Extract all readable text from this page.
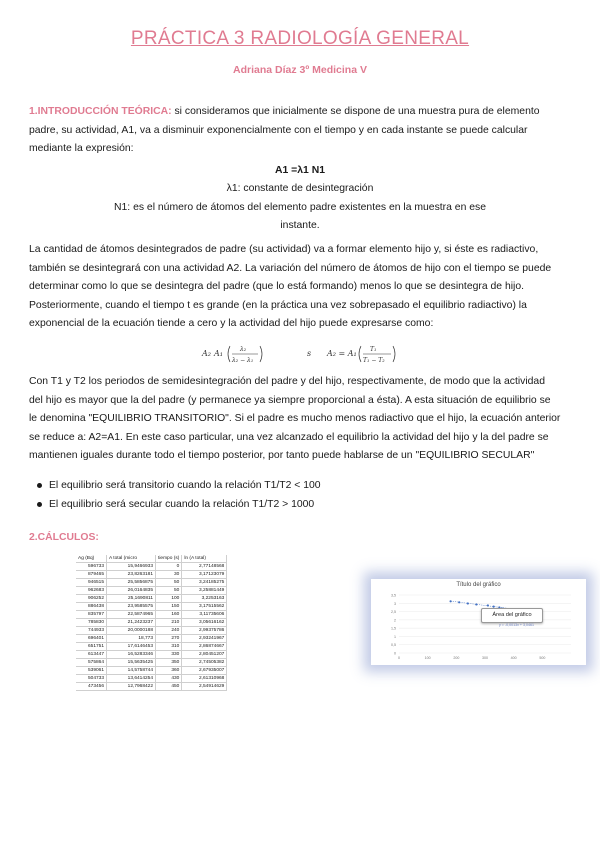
PRÁCTICA 3 RADIOLOGÍA GENERAL
Adriana Díaz 3º Medicina V
1.INTRODUCCIÓN TEÓRICA: si consideramos que inicialmente se dispone de una muestra pura de elemento
padre, su actividad, A1, va a disminuir exponencialmente con el tiempo y en cada instante se puede calcular
mediante la expresión:
A1 =λ1 N1
λ1: constante de desintegración
N1: es el número de átomos del elemento padre existentes en la muestra en ese
instante.
La cantidad de átomos desintegrados de padre (su actividad) va a formar elemento hijo y, si éste es radiactivo,
también se desintegrará con una actividad A2. La variación del número de átomos de hijo con el tiempo se puede
determinar como lo que se desintegra del padre (que lo está formando) menos lo que se desintegra de hijo.
Posteriormente, cuando el tiempo t es grande (en la práctica una vez sobrepasado el equilibrio radiactivo) la
exponencial de la ecuación tiende a cero y la actividad del hijo puede expresarse como:
A₂ A₁	λ₂
λ₂ − λ₁
s A₂ = A₁ T₁
T₁ − T₂
Con T1 y T2 los periodos de semidesintegración del padre y del hijo, respectivamente, de modo que la actividad
del hijo es mayor que la del padre (y permanece ya siempre proporcional a ésta). A esta situación de equilibrio se
le denomina "EQUILIBRIO TRANSITORIO". Si el padre es mucho menos radiactivo que el hijo, la ecuación anterior
se reduce a: A2=A1. En este caso particular, una vez alcanzado el equilibrio la actividad del hijo y la del padre se
mantienen iguales durante todo el tiempo posterior, por tanto puede hablarse de un "EQUILIBRIO SECULAR"
El equilibrio será transitorio cuando la relación T1/T2 < 100
El equilibrio será secular cuando la relación T1/T2 > 1000
2.CÁLCULOS:
Ag (Bq)	A total (micro	tiempo (s)	ln (A total)
596733	15,9466933	0	2,77148568
879465	23,8263181	30	3,17123079
946515	25,5856875	50	3,24185275
962683	26,0164835	50	3,25881449
906252	25,1690811	100	3,2253163
886438	23,9585575	150	3,17515562
835797	22,5874965	160	3,11735606
785830	21,2423237	210	3,05616162
744933	20,0000188	240	2,99375786
696401	18,773	270	2,93241967
651751	17,6146453	310	2,86874667
613447	16,5283346	330	2,80451207
575864	15,5635425	350	2,74505382
539061	14,5758744	360	2,67935007
504733	13,6414254	430	2,61310968
473456	12,7968422	450	2,54914629
Título del gráfico
0
0,5
1
1,5
2
2,5
3
3,5
0	100	200	300	400	500
Área del gráfico
y = -0,0013x + 3,0461
